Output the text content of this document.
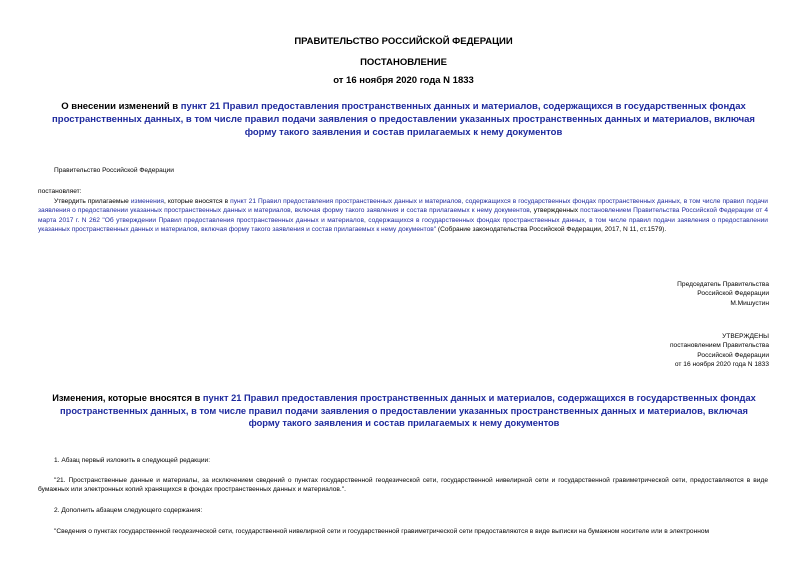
ПРАВИТЕЛЬСТВО РОССИЙСКОЙ ФЕДЕРАЦИИ
ПОСТАНОВЛЕНИЕ
от 16 ноября 2020 года N 1833
О внесении изменений в пункт 21 Правил предоставления пространственных данных и материалов, содержащихся в государственных фондах пространственных данных, в том числе правил подачи заявления о предоставлении указанных пространственных данных и материалов, включая форму такого заявления и состав прилагаемых к нему документов
Правительство Российской Федерации
постановляет:
Утвердить прилагаемые изменения, которые вносятся в пункт 21 Правил предоставления пространственных данных и материалов, содержащихся в государственных фондах пространственных данных, в том числе правил подачи заявления о предоставлении указанных пространственных данных и материалов, включая форму такого заявления и состав прилагаемых к нему документов, утвержденных постановлением Правительства Российской Федерации от 4 марта 2017 г. N 262 "Об утверждении Правил предоставления пространственных данных и материалов, содержащихся в государственных фондах пространственных данных, в том числе правил подачи заявления о предоставлении указанных пространственных данных и материалов, включая форму такого заявления и состав прилагаемых к нему документов" (Собрание законодательства Российской Федерации, 2017, N 11, ст.1579).
Председатель Правительства
Российской Федерации
М.Мишустин
УТВЕРЖДЕНЫ
постановлением Правительства
Российской Федерации
от 16 ноября 2020 года N 1833
Изменения, которые вносятся в пункт 21 Правил предоставления пространственных данных и материалов, содержащихся в государственных фондах пространственных данных, в том числе правил подачи заявления о предоставлении указанных пространственных данных и материалов, включая форму такого заявления и состав прилагаемых к нему документов
1. Абзац первый изложить в следующей редакции:
"21. Пространственные данные и материалы, за исключением сведений о пунктах государственной геодезической сети, государственной нивелирной сети и государственной гравиметрической сети, предоставляются в виде бумажных или электронных копий хранящихся в фондах пространственных данных и материалов.".
2. Дополнить абзацем следующего содержания:
"Сведения о пунктах государственной геодезической сети, государственной нивелирной сети и государственной гравиметрической сети предоставляются в виде выписки на бумажном носителе или в электронном
